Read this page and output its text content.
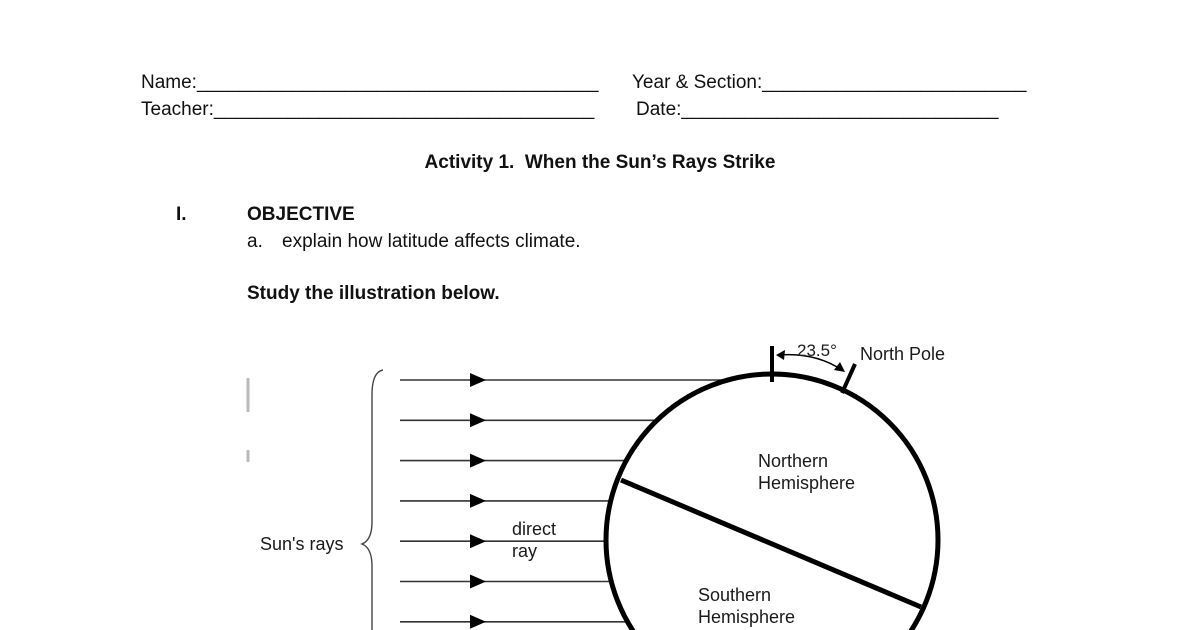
Name:______________________________________ Year & Section:_________________________
Teacher:____________________________________ Date:______________________________
Activity 1.  When the Sun’s Rays Strike
I.	OBJECTIVE
a. explain how latitude affects climate.
Study the illustration below.
23.5° North Pole
Northern
Hemisphere
Southern
Hemisphere
Sun's rays
direct
ray
